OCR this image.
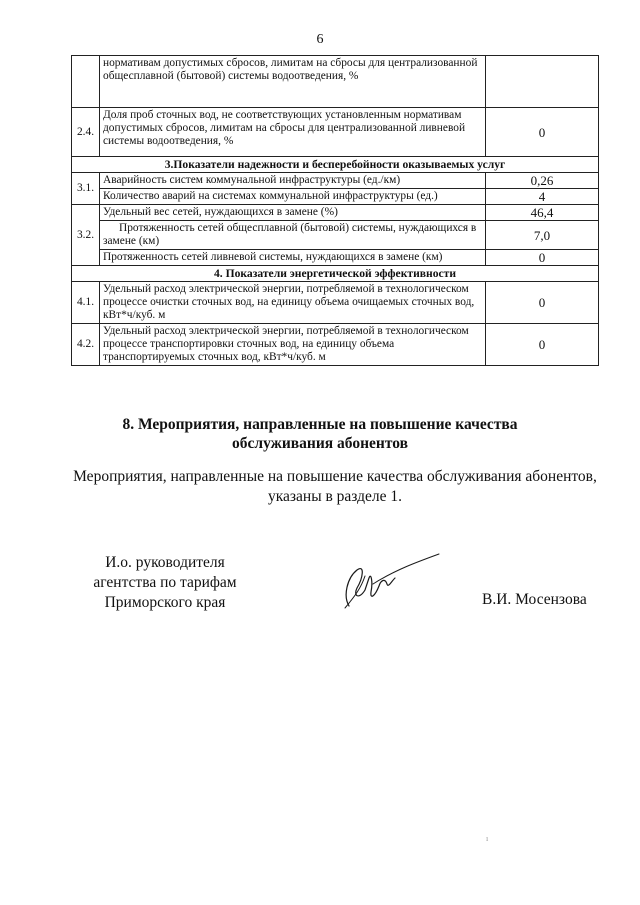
6
	нормативам допустимых сбросов, лимитам на сбросы для централизованной общесплавной (бытовой) системы водоотведения, %	
2.4.	Доля проб сточных вод, не соответствующих установленным нормативам допустимых сбросов, лимитам на сбросы для централизованной ливневой системы водоотведения, %	0
3.Показатели надежности и бесперебойности оказываемых услуг		
3.1.	Аварийность систем коммунальной инфраструктуры (ед./км)	0,26
	Количество аварий на системах коммунальной инфраструктуры (ед.)	4
3.2.	Удельный вес сетей, нуждающихся в замене (%)	46,4
	Протяженность сетей общесплавной (бытовой) системы, нуждающихся в замене (км)	7,0
	Протяженность сетей ливневой системы, нуждающихся в замене (км)	0
4. Показатели энергетической эффективности		
4.1.	Удельный расход электрической энергии, потребляемой в технологическом процессе очистки сточных вод, на единицу объема очищаемых сточных вод, кВт*ч/куб. м	0
4.2.	Удельный расход электрической энергии, потребляемой в технологическом процессе транспортировки сточных вод, на единицу объема транспортируемых сточных вод, кВт*ч/куб. м	0
8. Мероприятия, направленные на повышение качества
обслуживания абонентов
Мероприятия, направленные на повышение качества обслуживания абонентов,
указаны в разделе 1.
И.о. руководителя
агентства по тарифам
Приморского края	В.И. Мосензова
ı
